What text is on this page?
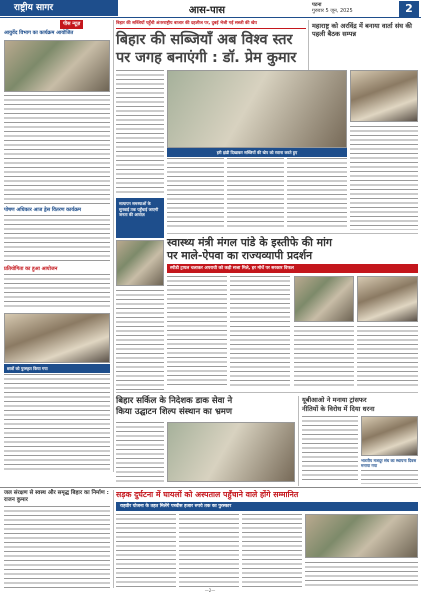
राष्ट्रीय सागर	आस-पास	पटना
गुरुवार 5 जून, 2025	2
पीस न्यूज़
आयुर्वेद विभाग का कार्यक्रम आयोजित
पोषण अधिकार आज ड्रेस वितरण कार्यक्रम
प्रतियोगिता का हुआ आयोजन
छात्रों को पुरस्कृत किया गया
बिहार की सब्जियों पहुँची अंतरराष्ट्रीय बाजार की दहलीज पर, दुबई भेजी गई सब्जी की खेप
बिहार की सब्जियाँ अब विश्व स्तर
पर जगह बनाएंगी : डॉ. प्रेम कुमार
हरी झंडी दिखाकर सब्जियों की खेप को रवाना करते हुए
महाराष्ट्र को अरविंद्र में बनाया वार्ता संघ की पहली बैठक सम्पन्न
सत्यापन समस्याओं के सुनवाई तक पहुँचाई जाएगी जनता की आवाज़
स्वास्थ्य मंत्री मंगल पांडे के इस्तीफे की मांग
पर माले-ऐपवा का राज्यव्यापी प्रदर्शन
स्पीडी ट्रायल चलाकर अपराधी को कड़ी सजा मिले, हर मोर्चे पर सरकार विफल
बिहार सर्किल के निदेशक डाक सेवा ने
किया उद्घाटन शिल्प संस्थान का भ्रमण
यूबीआओ ने मनाया ट्रांसफर
नीतियों के विरोध में दिया धरना
भारतीय मजदूर संघ का स्थापना दिवस मनाया गया
जल संरक्षण से स्वस्थ और समृद्ध बिहार का निर्माण : राजन कुमार
सड़क दुर्घटना में घायलों को अस्पताल पहुँचाने वाले होंगे सम्मानित
राहवीर योजना के तहत मिलेंगे पच्चीस हजार रुपये तक का पुरस्कार
—2—
